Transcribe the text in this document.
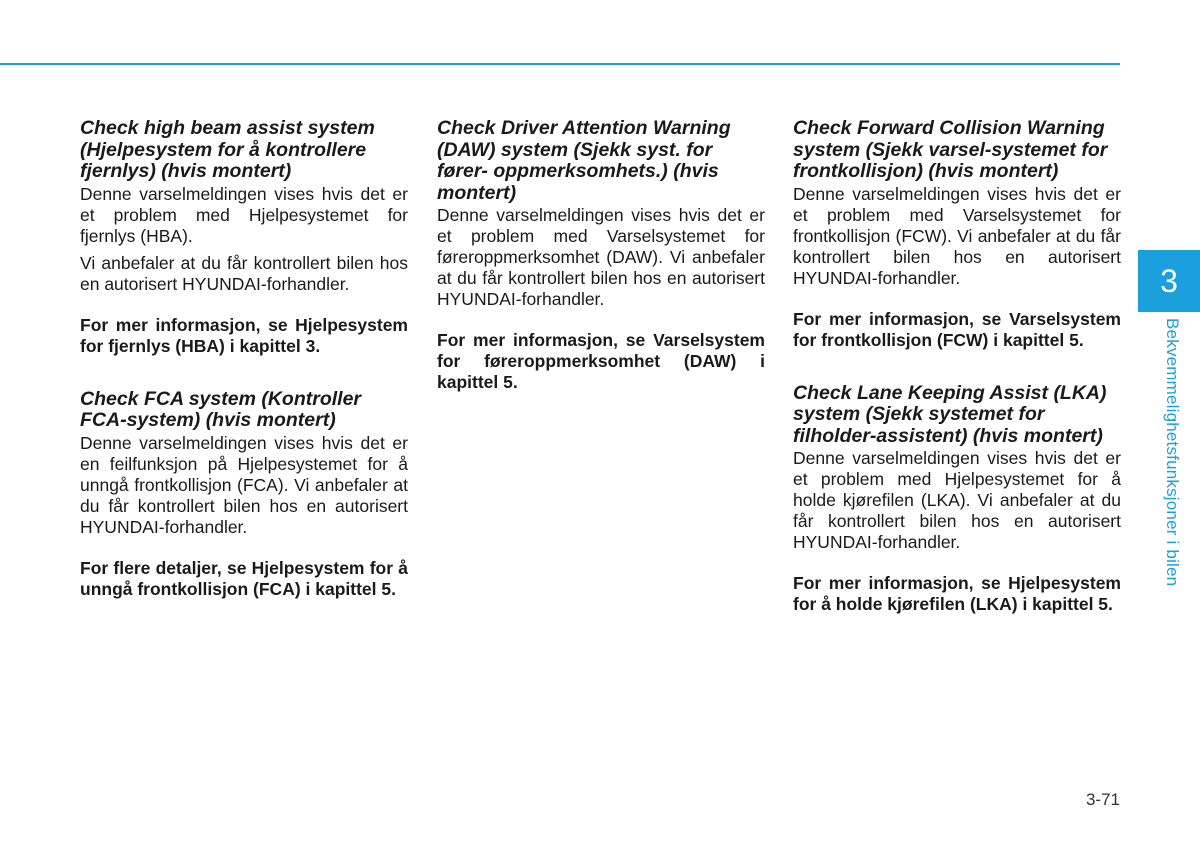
Check high beam assist system (Hjelpesystem for å kontrollere fjernlys) (hvis montert)

Denne varselmeldingen vises hvis det er et problem med Hjelpesystemet for fjernlys (HBA).

Vi anbefaler at du får kontrollert bilen hos en autorisert HYUNDAI-forhandler.

For mer informasjon, se Hjelpesystem for fjernlys (HBA) i kapittel 3.

Check FCA system (Kontroller FCA-system) (hvis montert)

Denne varselmeldingen vises hvis det er en feilfunksjon på Hjelpesystemet for å unngå frontkollisjon (FCA). Vi anbefaler at du får kontrollert bilen hos en autorisert HYUNDAI-forhandler.

For flere detaljer, se Hjelpesystem for å unngå frontkollisjon (FCA) i kapittel 5.

Check Driver Attention Warning (DAW) system (Sjekk syst. for fører- oppmerksomhets.) (hvis montert)

Denne varselmeldingen vises hvis det er et problem med Varselsystemet for føreroppmerksomhet (DAW). Vi anbefaler at du får kontrollert bilen hos en autorisert HYUNDAI-forhandler.

For mer informasjon, se Varselsystem for føreroppmerksomhet (DAW) i kapittel 5.

Check Forward Collision Warning system (Sjekk varsel-systemet for frontkollisjon) (hvis montert)

Denne varselmeldingen vises hvis det er et problem med Varselsystemet for frontkollisjon (FCW). Vi anbefaler at du får kontrollert bilen hos en autorisert HYUNDAI-forhandler.

For mer informasjon, se Varselsystem for frontkollisjon (FCW) i kapittel 5.

Check Lane Keeping Assist (LKA) system (Sjekk systemet for filholder-assistent) (hvis montert)

Denne varselmeldingen vises hvis det er et problem med Hjelpesystemet for å holde kjørefilen (LKA). Vi anbefaler at du får kontrollert bilen hos en autorisert HYUNDAI-forhandler.

For mer informasjon, se Hjelpesystem for å holde kjørefilen (LKA) i kapittel 5.

3
Bekvemmelighetsfunksjoner i bilen
3-71
